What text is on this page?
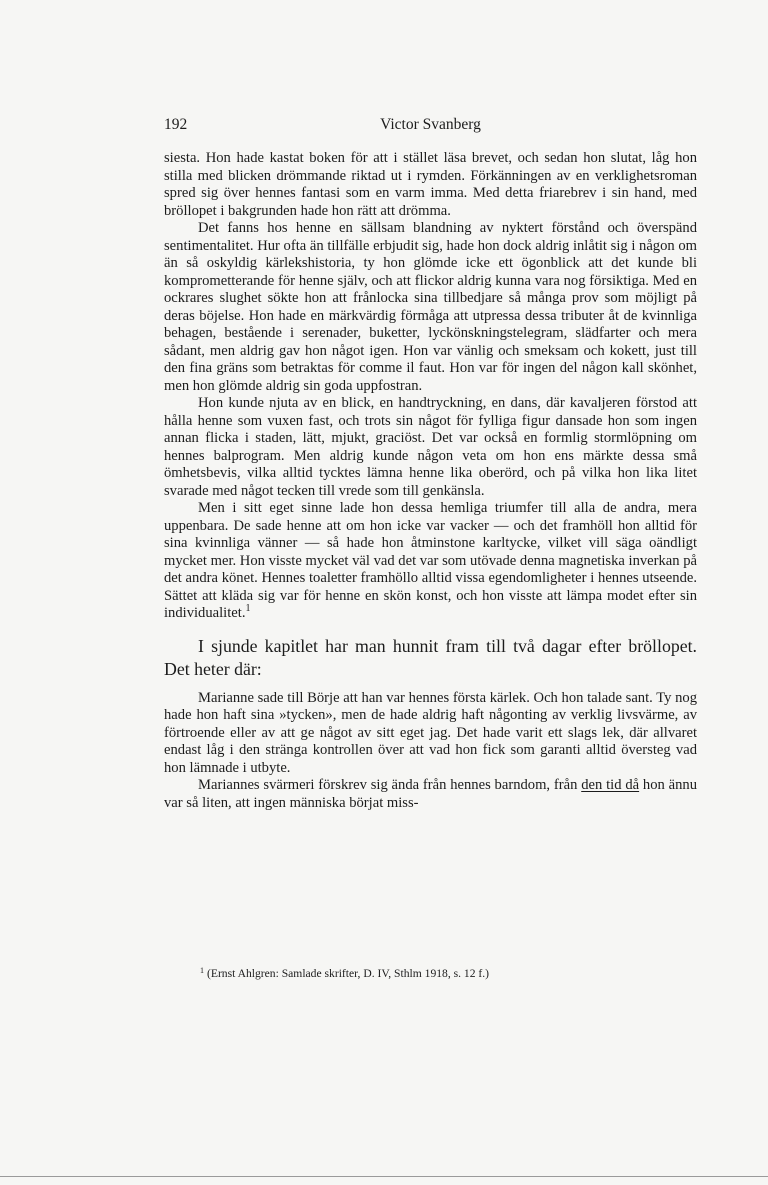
192	Victor Svanberg

siesta. Hon hade kastat boken för att i stället läsa brevet, och sedan hon slutat, låg hon stilla med blicken drömmande riktad ut i rymden. Förkänningen av en verklighetsroman spred sig över hennes fantasi som en varm imma. Med detta friarebrev i sin hand, med bröllopet i bakgrunden hade hon rätt att drömma.

Det fanns hos henne en sällsam blandning av nyktert förstånd och överspänd sentimentalitet. Hur ofta än tillfälle erbjudit sig, hade hon dock aldrig inlåtit sig i någon om än så oskyldig kärlekshistoria, ty hon glömde icke ett ögonblick att det kunde bli komprometterande för henne själv, och att flickor aldrig kunna vara nog försiktiga. Med en ockrares slughet sökte hon att frånlocka sina tillbedjare så många prov som möjligt på deras böjelse. Hon hade en märkvärdig förmåga att utpressa dessa tributer åt de kvinnliga behagen, bestående i serenader, buketter, lyckönskningstelegram, slädfarter och mera sådant, men aldrig gav hon något igen. Hon var vänlig och smeksam och kokett, just till den fina gräns som betraktas för comme il faut. Hon var för ingen del någon kall skönhet, men hon glömde aldrig sin goda uppfostran.

Hon kunde njuta av en blick, en handtryckning, en dans, där kavaljeren förstod att hålla henne som vuxen fast, och trots sin något för fylliga figur dansade hon som ingen annan flicka i staden, lätt, mjukt, graciöst. Det var också en formlig stormlöpning om hennes balprogram. Men aldrig kunde någon veta om hon ens märkte dessa små ömhetsbevis, vilka alltid tycktes lämna henne lika oberörd, och på vilka hon lika litet svarade med något tecken till vrede som till genkänsla.

Men i sitt eget sinne lade hon dessa hemliga triumfer till alla de andra, mera uppenbara. De sade henne att om hon icke var vacker — och det framhöll hon alltid för sina kvinnliga vänner — så hade hon åtminstone karltycke, vilket vill säga oändligt mycket mer. Hon visste mycket väl vad det var som utövade denna magnetiska inverkan på det andra könet. Hennes toaletter framhöllo alltid vissa egendomligheter i hennes utseende. Sättet att kläda sig var för henne en skön konst, och hon visste att lämpa modet efter sin individualitet.$^1$

I sjunde kapitlet har man hunnit fram till två dagar efter bröllopet. Det heter där:

Marianne sade till Börje att han var hennes första kärlek. Och hon talade sant. Ty nog hade hon haft sina »tycken», men de hade aldrig haft någonting av verklig livsvärme, av förtroende eller av att ge något av sitt eget jag. Det hade varit ett slags lek, där allvaret endast låg i den stränga kontrollen över att vad hon fick som garanti alltid översteg vad hon lämnade i utbyte.

Mariannes svärmeri förskrev sig ända från hennes barndom, från den tid då hon ännu var så liten, att ingen människa börjat miss-

$^1$ (Ernst Ahlgren: Samlade skrifter, D. IV, Sthlm 1918, s. 12 f.)
